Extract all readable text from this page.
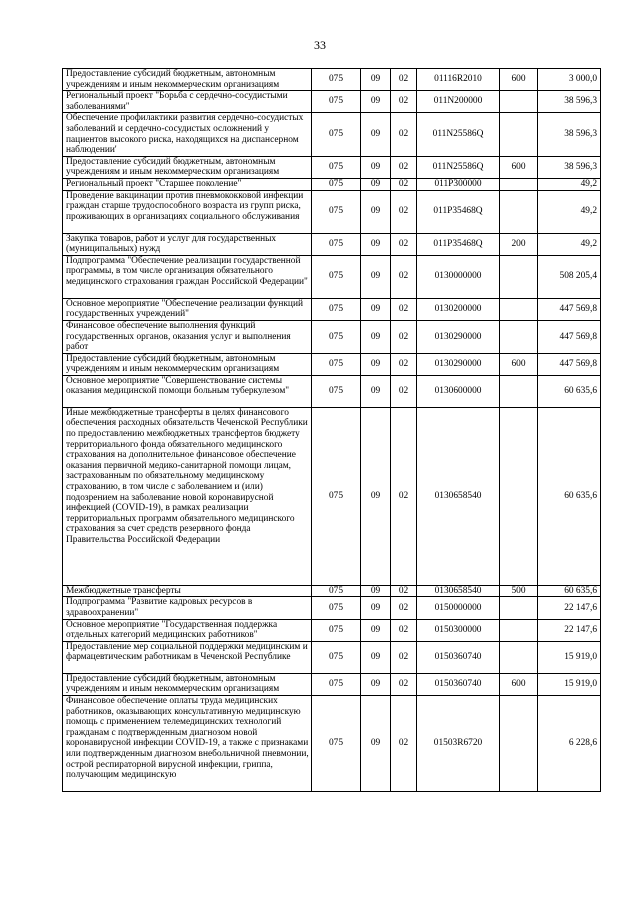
33
Предоставление субсидий бюджетным, автономным учреждениям и иным некоммерческим организациям	075	09	02	01116R2010	600	3 000,0
Региональный проект "Борьба с сердечно-сосудистыми заболеваниями"	075	09	02	011N200000		38 596,3
Обеспечение профилактики развития сердечно-сосудистых заболеваний и сердечно-сосудистых осложнений у пациентов высокого риска, находящихся на диспансерном наблюдении'	075	09	02	011N25586Q		38 596,3
Предоставление субсидий бюджетным, автономным учреждениям и иным некоммерческим организациям	075	09	02	011N25586Q	600	38 596,3
Региональный проект "Старшее поколение"	075	09	02	011P300000		49,2
Проведение вакцинации против пневмококковой инфекции граждан старше трудоспособного возраста из групп риска, проживающих в организациях социального обслуживания	075	09	02	011P35468Q		49,2
Закупка товаров, работ и услуг для государственных (муниципальных) нужд	075	09	02	011P35468Q	200	49,2
Подпрограмма "Обеспечение реализации государственной программы, в том числе организация обязательного медицинского страхования граждан Российской Федерации"	075	09	02	0130000000		508 205,4
Основное мероприятие "Обеспечение реализации функций государственных учреждений"	075	09	02	0130200000		447 569,8
Финансовое обеспечение выполнения функций государственных органов, оказания услуг и выполнения работ	075	09	02	0130290000		447 569,8
Предоставление субсидий бюджетным, автономным учреждениям и иным некоммерческим организациям	075	09	02	0130290000	600	447 569,8
Основное мероприятие "Совершенствование системы оказания медицинской помощи больным туберкулезом"	075	09	02	0130600000		60 635,6
Иные межбюджетные трансферты в целях финансового обеспечения расходных обязательств Чеченской Республики по предоставлению межбюджетных трансфертов бюджету территориального фонда обязательного медицинского страхования на дополнительное финансовое обеспечение оказания первичной медико-санитарной помощи лицам, застрахованным по обязательному медицинскому страхованию, в том числе с заболеванием и (или) подозрением на заболевание новой коронавирусной инфекцией (COVID-19), в рамках реализации территориальных программ обязательного медицинского страхования за счет средств резервного фонда Правительства Российской Федерации	075	09	02	0130658540		60 635,6
Межбюджетные трансферты	075	09	02	0130658540	500	60 635,6
Подпрограмма "Развитие кадровых ресурсов в здравоохранении"	075	09	02	0150000000		22 147,6
Основное мероприятие "Государственная поддержка отдельных категорий медицинских работников"	075	09	02	0150300000		22 147,6
Предоставление мер социальной поддержки медицинским и фармацевтическим работникам в Чеченской Республике	075	09	02	0150360740		15 919,0
Предоставление субсидий бюджетным, автономным учреждениям и иным некоммерческим организациям	075	09	02	0150360740	600	15 919,0
Финансовое обеспечение оплаты труда медицинских работников, оказывающих консультативную медицинскую помощь с применением телемедицинских технологий гражданам с подтвержденным диагнозом новой коронавирусной инфекции COVID-19, а также с признаками или подтвержденным диагнозом внебольничной пневмонии, острой респираторной вирусной инфекции, гриппа, получающим медицинскую	075	09	02	01503R6720		6 228,6
